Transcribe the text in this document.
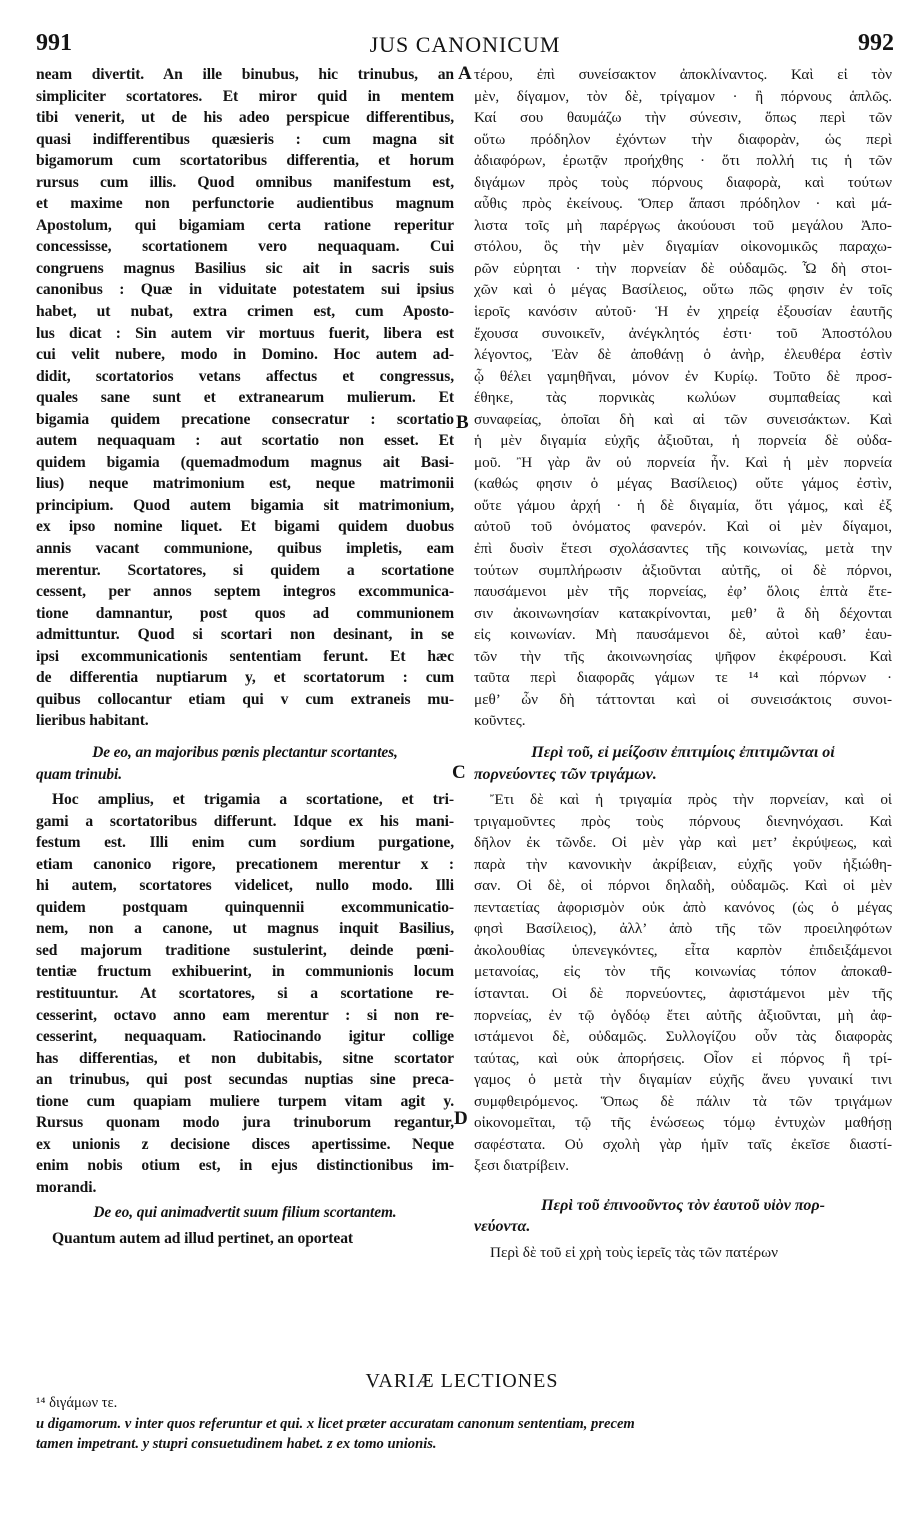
991	JUS CANONICUM	992
neam divertit. An ille binubus, hic trinubus, an
simpliciter scortatores. Et miror quid in mentem
tibi venerit, ut de his adeo perspicue differentibus,
quasi indifferentibus quæsieris : cum magna sit
bigamorum cum scortatoribus differentia, et horum
rursus cum illis. Quod omnibus manifestum est,
et maxime non perfunctorie audientibus magnum
Apostolum, qui bigamiam certa ratione reperitur
concessisse, scortationem vero nequaquam. Cui
congruens magnus Basilius sic ait in sacris suis
canonibus : Quæ in viduitate potestatem sui ipsius
habet, ut nubat, extra crimen est, cum Aposto-
lus dicat : Sin autem vir mortuus fuerit, libera est
cui velit nubere, modo in Domino. Hoc autem ad-
didit, scortatorios vetans affectus et congressus,
quales sane sunt et extranearum mulierum. Et
bigamia quidem precatione consecratur : scortatio
autem nequaquam : aut scortatio non esset. Et
quidem bigamia (quemadmodum magnus ait Basi-
lius) neque matrimonium est, neque matrimonii
principium. Quod autem bigamia sit matrimonium,
ex ipso nomine liquet. Et bigami quidem duobus
annis vacant communione, quibus impletis, eam
merentur. Scortatores, si quidem a scortatione
cessent, per annos septem integros excommunica-
tione damnantur, post quos ad communionem
admittuntur. Quod si scortari non desinant, in se
ipsi excommunicationis sententiam ferunt. Et hæc
de differentia nuptiarum y, et scortatorum : cum
quibus collocantur etiam qui v cum extraneis mu-
lieribus habitant.
De eo, an majoribus pœnis plectantur scortantes,
quam trinubi.
Hoc amplius, et trigamia a scortatione, et tri-
gami a scortatoribus differunt. Idque ex his mani-
festum est. Illi enim cum sordium purgatione,
etiam canonico rigore, precationem merentur x :
hi autem, scortatores videlicet, nullo modo. Illi
quidem postquam quinquennii excommunicatio-
nem, non a canone, ut magnus inquit Basilius,
sed majorum traditione sustulerint, deinde pœni-
tentiæ fructum exhibuerint, in communionis locum
restituuntur. At scortatores, si a scortatione re-
cesserint, octavo anno eam merentur : si non re-
cesserint, nequaquam. Ratiocinando igitur collige
has differentias, et non dubitabis, sitne scortator
an trinubus, qui post secundas nuptias sine preca-
tione cum quapiam muliere turpem vitam agit y.
Rursus quonam modo jura trinuborum regantur,
ex unionis z decisione disces apertissime. Neque
enim nobis otium est, in ejus distinctionibus im-
morandi.
De eo, qui animadvertit suum filium scortantem.
Quantum autem ad illud pertinet, an oporteat
τέρου, ἐπὶ συνείσακτον ἀποκλίναντος. Καὶ εἰ τὸν
μὲν, δίγαμον, τὸν δὲ, τρίγαμον · ἢ πόρνους ἁπλῶς.
Καί σου θαυμάζω τὴν σύνεσιν, ὅπως περὶ τῶν
οὕτω πρόδηλον ἐχόντων τὴν διαφορὰν, ὡς περὶ
ἀδιαφόρων, ἐρωτᾷν προήχθης · ὅτι πολλή τις ἡ τῶν
διγάμων πρὸς τοὺς πόρνους διαφορὰ, καὶ τούτων
αὖθις πρὸς ἐκείνους. Ὅπερ ἅπασι πρόδηλον · καὶ μά-
λιστα τοῖς μὴ παρέργως ἀκούουσι τοῦ μεγάλου Ἀπο-
στόλου, ὃς τὴν μὲν διγαμίαν οἰκονομικῶς παραχω-
ρῶν εὑρηται · τὴν πορνείαν δὲ οὐδαμῶς. Ὧ δὴ στοι-
χῶν καὶ ὁ μέγας Βασίλειος, οὕτω πῶς φησιν ἐν τοῖς
ἱεροῖς κανόσιν αὐτοῦ· Ἡ ἐν χηρείᾳ ἐξουσίαν ἑαυτῆς
ἔχουσα συνοικεῖν, ἀνέγκλητός ἐστι· τοῦ Ἀποστόλου
λέγοντος, Ἐὰν δὲ ἀποθάνῃ ὁ ἀνὴρ, ἐλευθέρα ἐστὶν
ᾧ θέλει γαμηθῆναι, μόνον ἐν Κυρίῳ. Τοῦτο δὲ προσ-
έθηκε, τὰς πορνικὰς κωλύων συμπαθείας καὶ
συναφείας, ὁποῖαι δὴ καὶ αἱ τῶν συνεισάκτων. Καὶ
ἡ μὲν διγαμία εὐχῆς ἀξιοῦται, ἡ πορνεία δὲ οὐδα-
μοῦ. Ἢ γὰρ ἂν οὐ πορνεία ἦν. Καὶ ἡ μὲν πορνεία
(καθώς φησιν ὁ μέγας Βασίλειος) οὔτε γάμος ἐστὶν,
οὔτε γάμου ἀρχή · ἡ δὲ διγαμία, ὅτι γάμος, καὶ ἐξ
αὐτοῦ τοῦ ὀνόματος φανερόν. Καὶ οἱ μὲν δίγαμοι,
ἐπὶ δυσὶν ἔτεσι σχολάσαντες τῆς κοινωνίας, μετὰ την
τούτων συμπλήρωσιν ἀξιοῦνται αὐτῆς, οἱ δὲ πόρνοι,
παυσάμενοι μὲν τῆς πορνείας, ἐφ’ ὅλοις ἑπτὰ ἔτε-
σιν ἀκοινωνησίαν κατακρίνονται, μεθ’ ἃ δὴ δέχονται
εἰς κοινωνίαν. Μὴ παυσάμενοι δὲ, αὐτοὶ καθ’ ἑαυ-
τῶν τὴν τῆς ἀκοινωνησίας ψῆφον ἐκφέρουσι. Καὶ
ταῦτα περὶ διαφορᾶς γάμων τε ¹⁴ καὶ πόρνων ·
μεθ’ ὧν δὴ τάττονται καὶ οἱ συνεισάκτοις συνοι-
κοῦντες.
Περὶ τοῦ, εἰ μείζοσιν ἐπιτιμίοις ἐπιτιμῶνται οἱ
πορνεύοντες τῶν τριγάμων.
Ἔτι δὲ καὶ ἡ τριγαμία πρὸς τὴν πορνείαν, καὶ οἱ
τριγαμοῦντες πρὸς τοὺς πόρνους διενηνόχασι. Καὶ
δῆλον ἐκ τῶνδε. Οἱ μὲν γὰρ καὶ μετ’ ἐκρύψεως, καὶ
παρὰ τὴν κανονικὴν ἀκρίβειαν, εὐχῆς γοῦν ἠξιώθη-
σαν. Οἱ δὲ, οἱ πόρνοι δηλαδὴ, οὐδαμῶς. Καὶ οἱ μὲν
πενταετίας ἀφορισμὸν οὐκ ἀπὸ κανόνος (ὡς ὁ μέγας
φησὶ Βασίλειος), ἀλλ’ ἀπὸ τῆς τῶν προειληφότων
ἀκολουθίας ὑπενεγκόντες, εἶτα καρπὸν ἐπιδειξάμενοι
μετανοίας, εἰς τὸν τῆς κοινωνίας τόπον ἀποκαθ-
ίστανται. Οἱ δὲ πορνεύοντες, ἀφιστάμενοι μὲν τῆς
πορνείας, ἐν τῷ ὀγδόῳ ἔτει αὐτῆς ἀξιοῦνται, μὴ ἀφ-
ιστάμενοι δὲ, οὐδαμῶς. Συλλογίζου οὖν τὰς διαφορὰς
ταύτας, καὶ οὐκ ἀπορήσεις. Οἷον εἰ πόρνος ἢ τρί-
γαμος ὁ μετὰ τὴν διγαμίαν εὐχῆς ἄνευ γυναικί τινι
συμφθειρόμενος. Ὅπως δὲ πάλιν τὰ τῶν τριγάμων
οἰκονομεῖται, τῷ τῆς ἑνώσεως τόμῳ ἐντυχὼν μαθήσῃ
σαφέστατα. Οὐ σχολὴ γὰρ ἡμῖν ταῖς ἐκεῖσε διαστί-
ξεσι διατρίβειν.
Περὶ τοῦ ἐπινοοῦντος τὸν ἑαυτοῦ υἱὸν πορ-
νεύοντα.
Περὶ δὲ τοῦ εἰ χρὴ τοὺς ἱερεῖς τὰς τῶν πατέρων
A
B
C
D
VARIÆ LECTIONES
¹⁴ διγάμων τε.
u digamorum. v inter quos referuntur et qui. x licet præter accuratam canonum sententiam, precem
tamen impetrant. y stupri consuetudinem habet. z ex tomo unionis.
